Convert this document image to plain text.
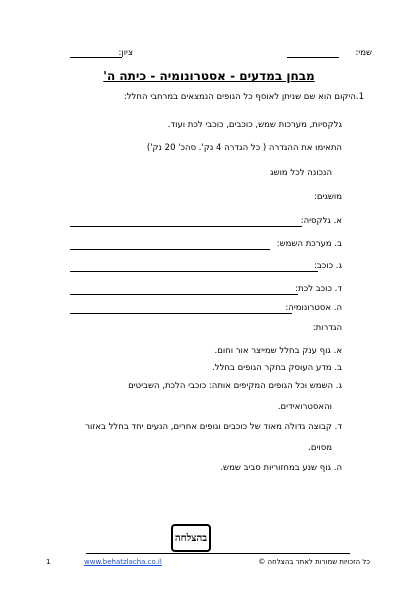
שמי:
ציון:
מבחן במדעים - אסטרונומיה - כיתה ה'
1.היקום הוא שם שניתן לאוסף כל הגופים הנמצאים במרחבי החלל:
גלקסיות, מערכות שמש, כוכבים, כוכבי לכת ועוד.
התאימו את ההגדרה ( כל הגדרה 4 נק'. סהכ' 20 נק')
הנכונה לכל מושג
מושגים:
א. גלקסיה:
ב. מערכת השמש:
ג. כוכב:
ד. כוכב לכת:
ה. אסטרונומיה:
הגדרות:
א. גוף ענק בחלל שמייצר אור וחום.
ב. מדע העוסק בחקר הגופים בחלל.
ג. השמש וכל הגופים המקיפים אותה: כוכבי הלכת, השביטים
והאסטרואידים.
ד. קבוצה גדולה מאוד של כוכבים וגופים אחרים, הנעים יחד בחלל באזור
מסוים.
ה. גוף שנע במחזוריות סביב שמש.
בהצלחה
כל הזכויות שמורות לאתר בהצלחה ©
www.behatzlacha.co.il
1
